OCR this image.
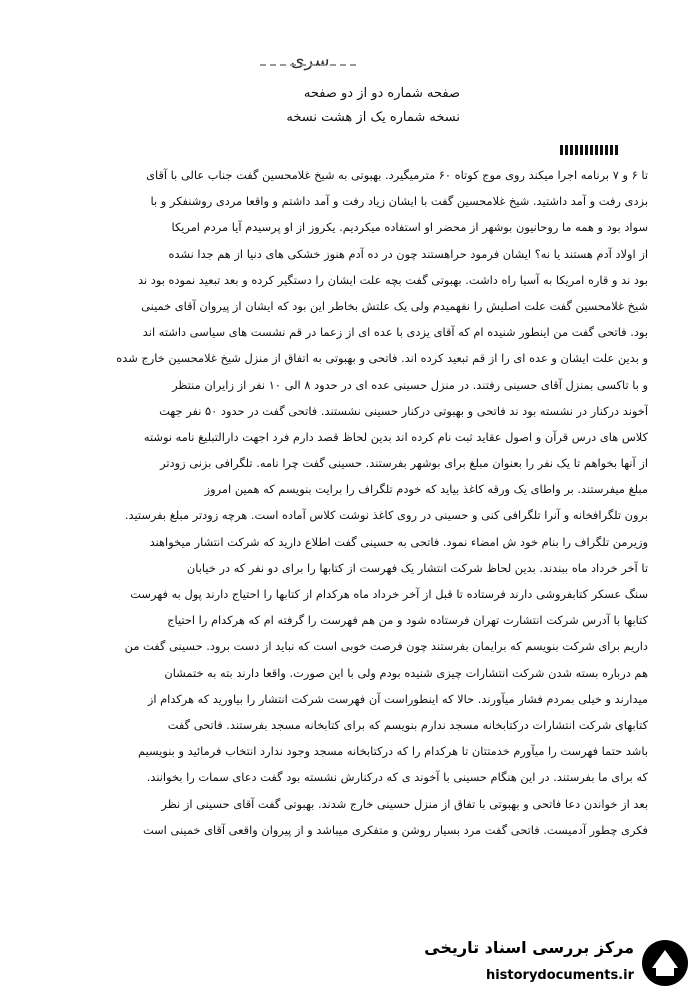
سری
صفحه شماره دو از دو صفحه
نسخه شماره یک از هشت نسخه
تا ۶ و ۷ برنامه اجرا میکند روی موج کوتاه ۶۰ مترمیگیرد. بهبوتی به شیخ غلامحسین گفت جناب عالی با آقای
بزدی رفت و آمد داشتید. شیخ غلامحسین گفت با ایشان زیاد رفت و آمد داشتم و واقعا مردی روشنفکر و با
سواد بود و همه ما روحانیون بوشهر از محضر او استفاده میکردیم. یکروز از او پرسیدم آیا مردم امریکا
از اولاد آدم هستند یا نه؟ ایشان فرمود حراهستند چون در ده آدم هنوز خشکی های دنیا از هم جدا نشده
بود ند و قاره امریکا به آسیا راه داشت. بهبوتی گفت بچه علت ایشان را دستگیر کرده و بعد تبعید نموده بود ند
شیخ غلامحسین گفت علت اصلیش را نفهمیدم ولی یک علتش بخاطر این بود که ایشان از پیروان آقای خمینی
بود. فاتحی گفت من اینطور شنیده ام که آقای یزدی با عده ای از زعما در قم نشست های سیاسی داشته اند
و بدین علت ایشان و عده ای را از قم تبعید کرده اند. فاتحی و بهبوتی به اتفاق از منزل شیخ غلامحسین خارج شده
و با تاکسی بمنزل آقای حسینی رفتند. در منزل حسینی عده ای در حدود ۸ الی ۱۰ نفر از زایران منتظر
آخوند درکنار در نشسته بود ند فاتحی و بهبوتی درکنار حسینی نشستند. فاتحی گفت در حدود ۵۰ نفر جهت
کلاس های درس قرآن و اصول عقاید ثبت نام کرده اند بدین لحاظ قصد دارم فرد اجهت دارالتبلیغ نامه نوشته
از آنها بخواهم تا یک نفر را بعنوان مبلغ برای بوشهر بفرستند. حسینی گفت چرا نامه. تلگرافی بزنی زودتر
مبلغ میفرستند. بر واطای یک ورقه کاغذ بیاید که خودم تلگراف را برایت بنویسم که همین امروز
برون تلگرافخانه و آنرا تلگرافی کنی و حسینی در روی کاغذ نوشت کلاس آماده است. هرچه زودتر مبلغ بفرستید.
وزیرمن تلگراف را بنام خود ش امضاء نمود. فاتحی به حسینی گفت اطلاع دارید که شرکت انتشار میخواهند
تا آخر خرداد ماه ببندند. بدین لحاظ شرکت انتشار یک فهرست از کتابها را برای دو نفر که در خیابان
سنگ عسکر کتابفروشی دارند فرستاده تا قبل از آخر خرداد ماه هرکدام از کتابها را احتیاج دارند پول به فهرست
کتابها با آدرس شرکت انتشارت تهران فرستاده شود و من هم فهرست را گرفته ام که هرکدام را احتیاج
داریم برای شرکت بنویسم که برایمان بفرستند چون فرصت خوبی است که نباید از دست برود. حسینی گفت من
هم درباره بسته شدن شرکت انتشارات چیزی شنیده بودم ولی با این صورت. واقعا دارند بته به ختمشان
میدارند و خیلی بمردم فشار میآورند. حالا که اینطوراست آن فهرست شرکت انتشار را بیاورید که هرکدام از
کتابهای شرکت انتشارات درکتابخانه مسجد ندارم بنویسم که برای کتابخانه مسجد بفرستند. فاتحی گفت
باشد حتما فهرست را میآورم خدمتتان تا هرکدام را که درکتابخانه مسجد وجود ندارد انتخاب فرمائید و بنویسیم
که برای ما بفرستند. در این هنگام حسینی با آخوند ی که درکنارش نشسته بود گفت دعای سمات را بخوانند.
بعد از خواندن دعا فاتحی و بهبوتی با تفاق از منزل حسینی خارج شدند. بهبوتی گفت آقای حسینی از نظر
فکری چطور آدمیست. فاتحی گفت مرد بسیار روشن و متفکری میباشد و از پیروان واقعی آقای خمینی است
مرکز بررسی اسناد تاریخی
historydocuments.ir
